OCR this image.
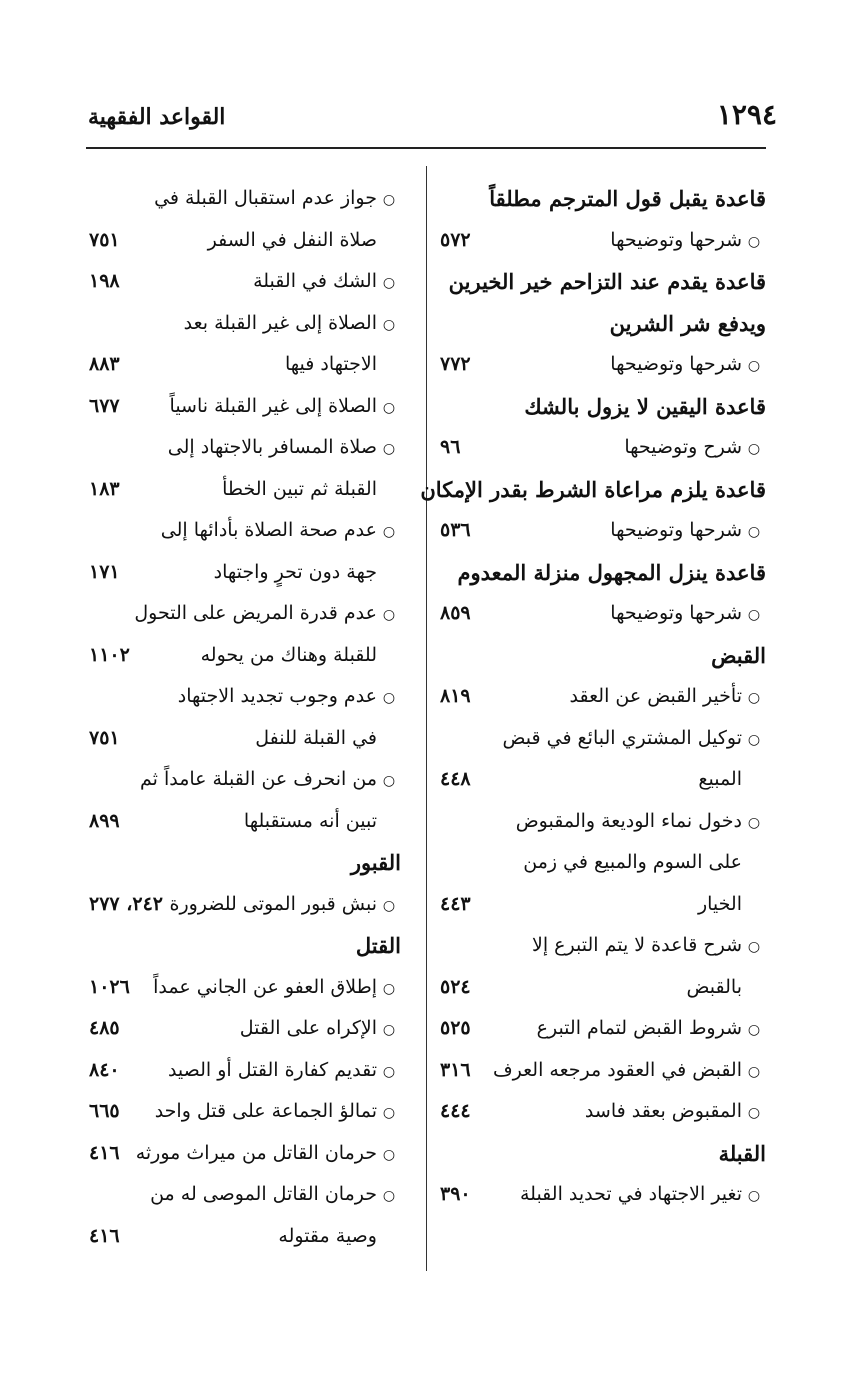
١٢٩٤
القواعد الفقهية
قاعدة يقبل قول المترجم مطلقاً
○شرحها وتوضيحها
٥٧٢
قاعدة يقدم عند التزاحم خير الخيرين
ويدفع شر الشرين
○شرحها وتوضيحها
٧٧٢
قاعدة اليقين لا يزول بالشك
○شرح وتوضيحها
٩٦
قاعدة يلزم مراعاة الشرط بقدر الإمكان
○شرحها وتوضيحها
٥٣٦
قاعدة ينزل المجهول منزلة المعدوم
○شرحها وتوضيحها
٨٥٩
القبض
○تأخير القبض عن العقد
٨١٩
○توكيل المشتري البائع في قبض
المبيع
٤٤٨
○دخول نماء الوديعة والمقبوض
على السوم والمبيع في زمن
الخيار
٤٤٣
○شرح قاعدة لا يتم التبرع إلا
بالقبض
٥٢٤
○شروط القبض لتمام التبرع
٥٢٥
○القبض في العقود مرجعه العرف
٣١٦
○المقبوض بعقد فاسد
٤٤٤
القبلة
○تغير الاجتهاد في تحديد القبلة
٣٩٠
○جواز عدم استقبال القبلة في
صلاة النفل في السفر
٧٥١
○الشك في القبلة
١٩٨
○الصلاة إلى غير القبلة بعد
الاجتهاد فيها
٨٨٣
○الصلاة إلى غير القبلة ناسياً
٦٧٧
○صلاة المسافر بالاجتهاد إلى
القبلة ثم تبين الخطأ
١٨٣
○عدم صحة الصلاة بأدائها إلى
جهة دون تحرٍ واجتهاد
١٧١
○عدم قدرة المريض على التحول
للقبلة وهناك من يحوله
١١٠٢
○عدم وجوب تجديد الاجتهاد
في القبلة للنفل
٧٥١
○من انحرف عن القبلة عامداً ثم
تبين أنه مستقبلها
٨٩٩
القبور
○نبش قبور الموتى للضرورة
٢٤٢، ٢٧٧
القتل
○إطلاق العفو عن الجاني عمداً
١٠٢٦
○الإكراه على القتل
٤٨٥
○تقديم كفارة القتل أو الصيد
٨٤٠
○تمالؤ الجماعة على قتل واحد
٦٦٥
○حرمان القاتل من ميراث مورثه
٤١٦
○حرمان القاتل الموصى له من
وصية مقتوله
٤١٦
